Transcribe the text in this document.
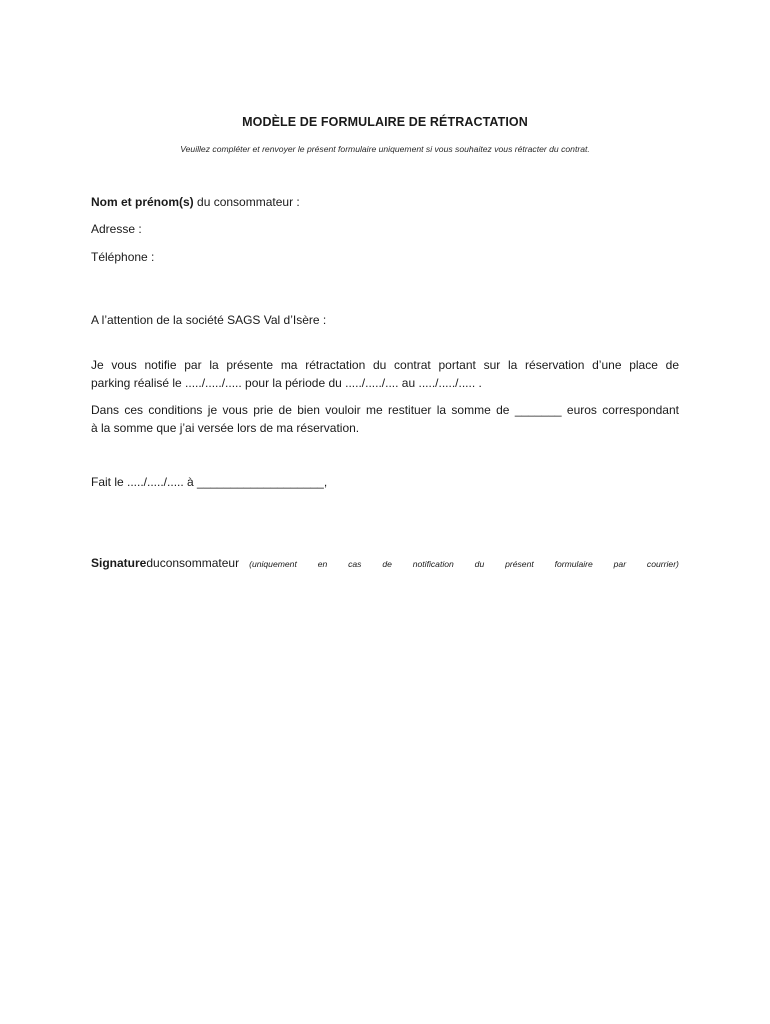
MODÈLE DE FORMULAIRE DE RÉTRACTATION
Veuillez compléter et renvoyer le présent formulaire uniquement si vous souhaitez vous rétracter du contrat.
Nom et prénom(s) du consommateur :
Adresse :
Téléphone :
A l’attention de la société SAGS Val d’Isère :
Je vous notifie par la présente ma rétractation du contrat portant sur la réservation d’une place de
parking réalisé le ...../...../..... pour la période du ...../...../.... au ...../...../..... .
Dans ces conditions je vous prie de bien vouloir me restituer la somme de _______ euros correspondant
à la somme que j’ai versée lors de ma réservation.
Fait le ...../...../..... à ___________________,
Signature du consommateur (uniquement en cas de notification du présent formulaire par courrier)
